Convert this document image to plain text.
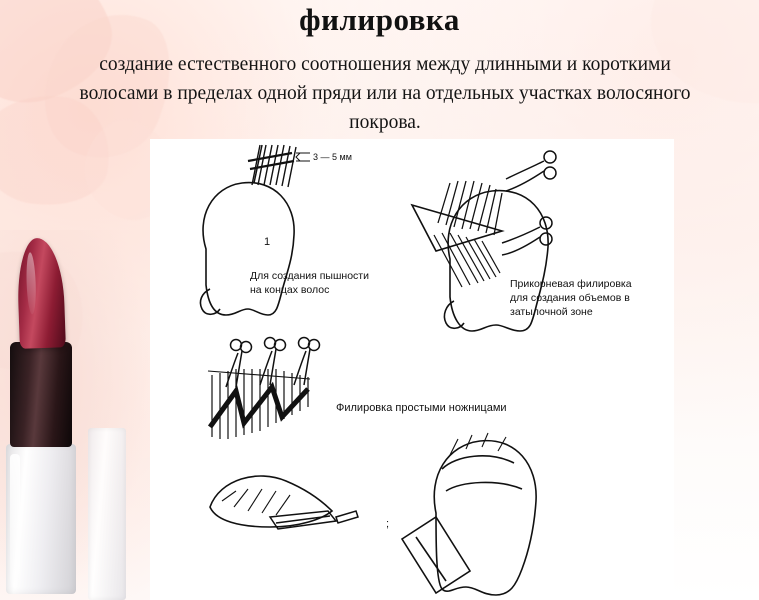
филировка
создание естественного соотношения между длинными и короткими волосами в пределах одной пряди или на отдельных участках волосяного покрова.
3 — 5 мм
1
Для создания пышности
на концах волос	Прикорневая филировка
для создания объемов в
затылочной зоне
Филировка простыми ножницами
;
